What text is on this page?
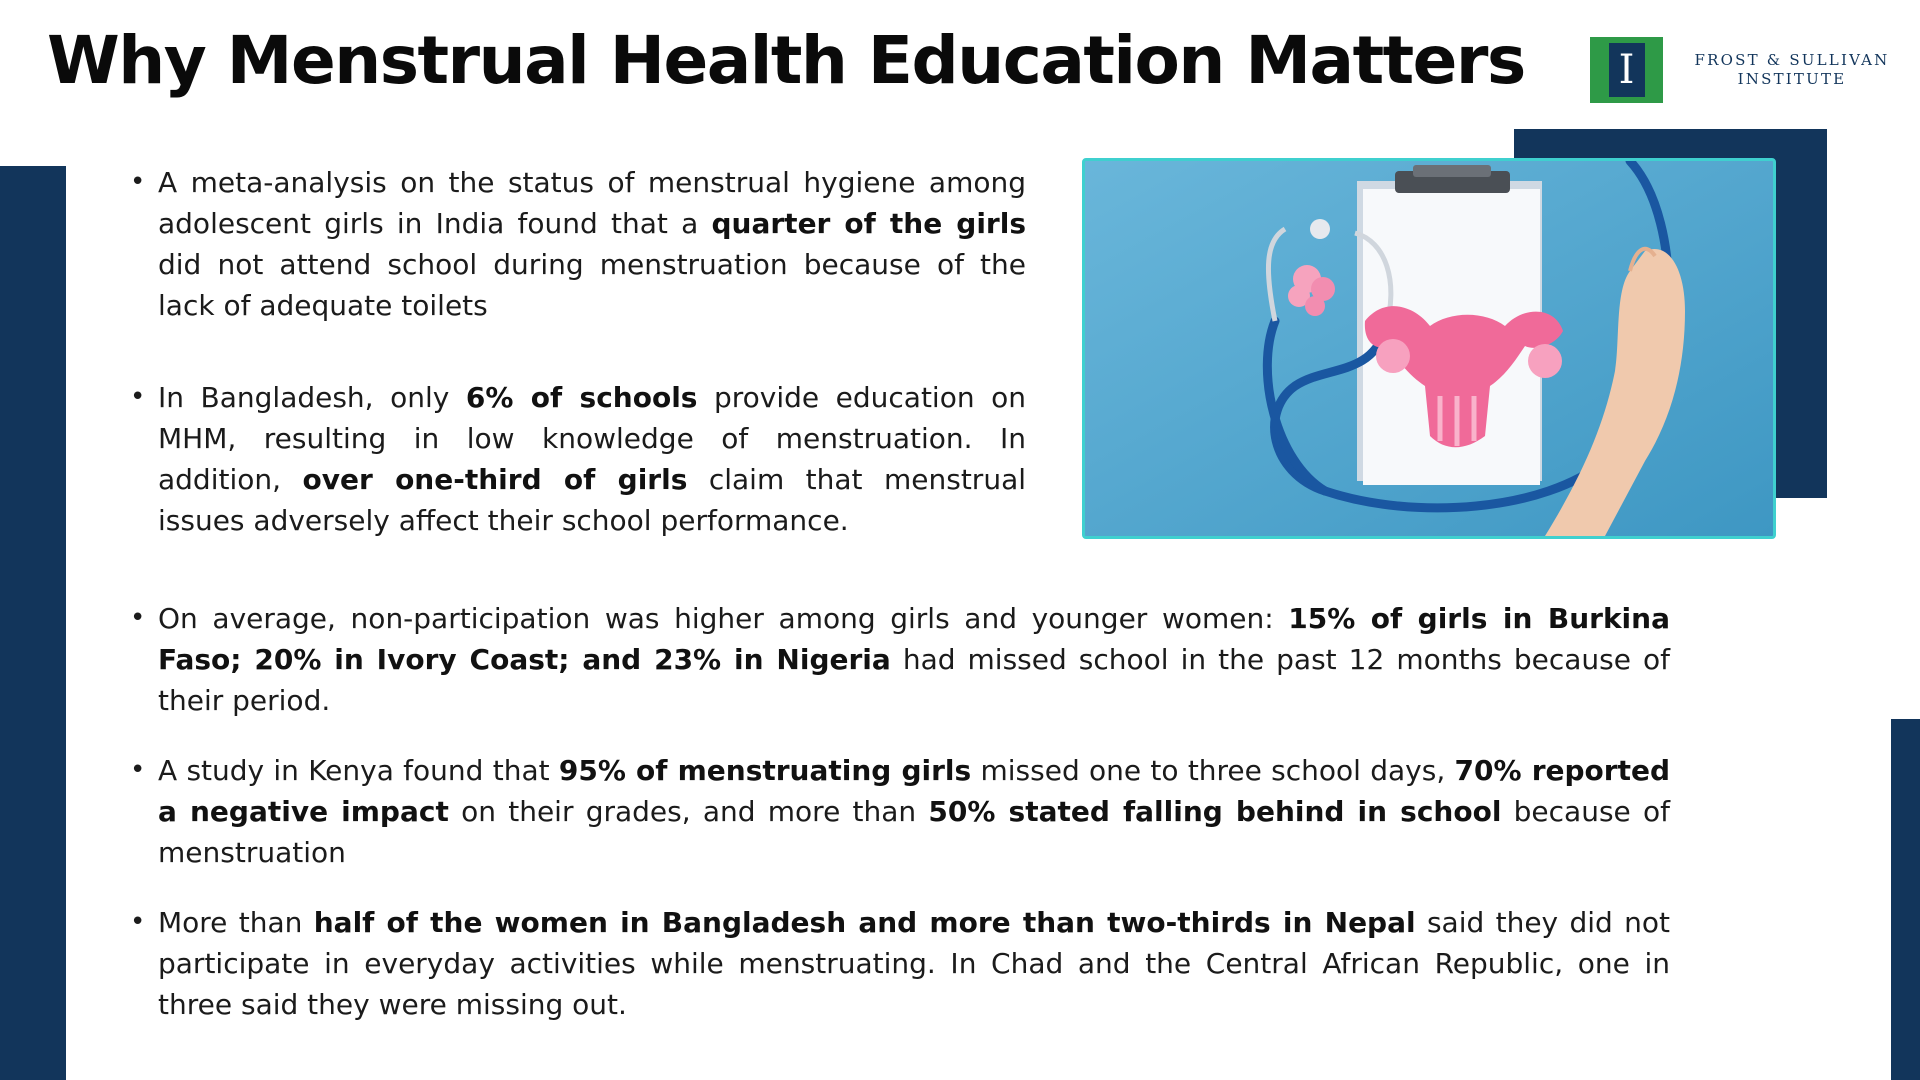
Why Menstrual Health Education Matters I	FROST & SULLIVAN
INSTITUTE
• A meta-analysis on the status of menstrual hygiene among adolescent girls in India found that a quarter of the girls did not attend school during menstruation because of the lack of adequate toilets
• In Bangladesh, only 6% of schools provide education on MHM, resulting in low knowledge of menstruation. In addition, over one-third of girls claim that menstrual issues adversely affect their school performance.
• On average, non-participation was higher among girls and younger women: 15% of girls in Burkina Faso; 20% in Ivory Coast; and 23% in Nigeria had missed school in the past 12 months because of their period.
• A study in Kenya found that 95% of menstruating girls missed one to three school days, 70% reported a negative impact on their grades, and more than 50% stated falling behind in school because of menstruation
• More than half of the women in Bangladesh and more than two-thirds in Nepal said they did not participate in everyday activities while menstruating. In Chad and the Central African Republic, one in three said they were missing out.
